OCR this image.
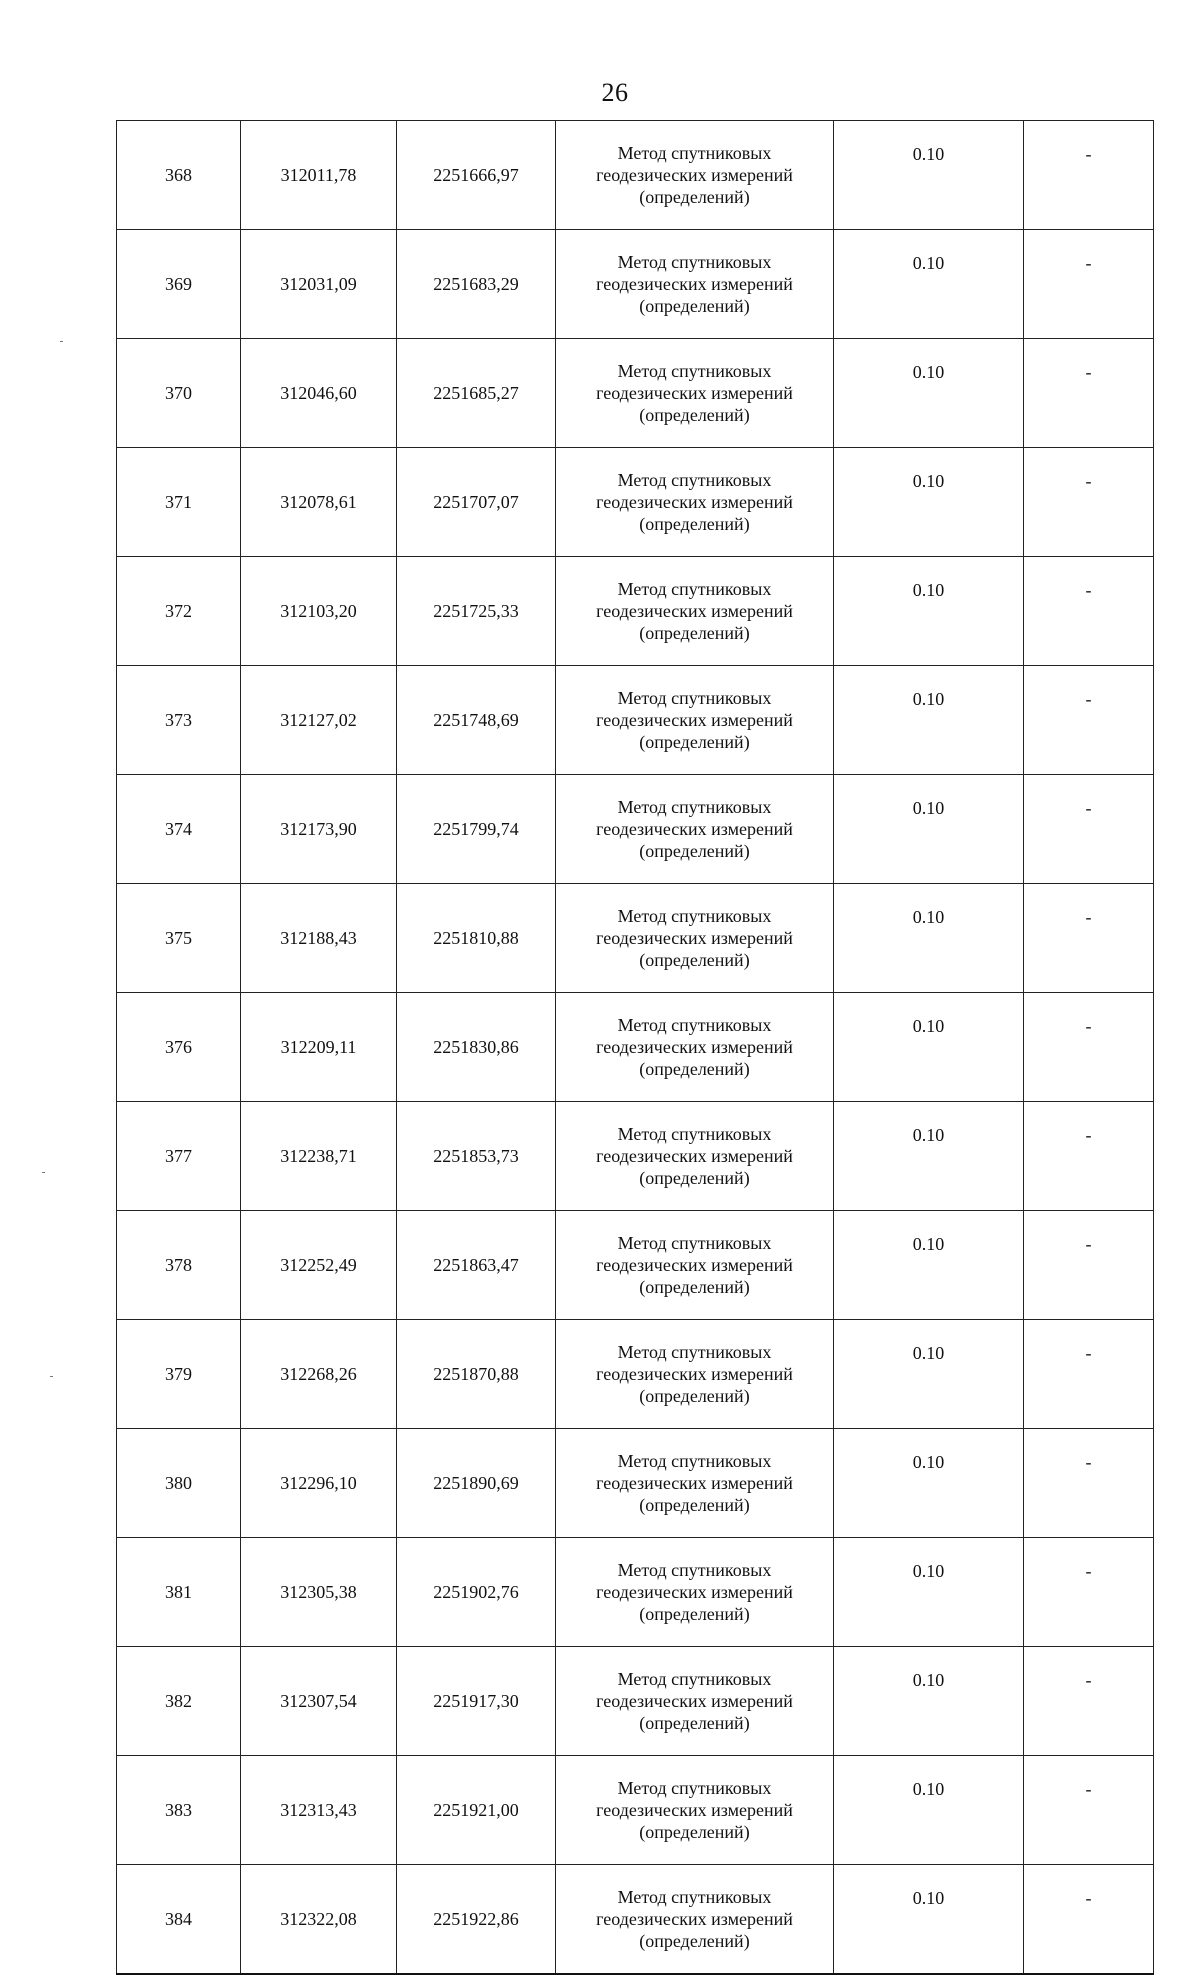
26
368	312011,78	2251666,97	Метод спутниковых
геодезических измерений
(определений)	0.10	-
369	312031,09	2251683,29	Метод спутниковых
геодезических измерений
(определений)	0.10	-
370	312046,60	2251685,27	Метод спутниковых
геодезических измерений
(определений)	0.10	-
371	312078,61	2251707,07	Метод спутниковых
геодезических измерений
(определений)	0.10	-
372	312103,20	2251725,33	Метод спутниковых
геодезических измерений
(определений)	0.10	-
373	312127,02	2251748,69	Метод спутниковых
геодезических измерений
(определений)	0.10	-
374	312173,90	2251799,74	Метод спутниковых
геодезических измерений
(определений)	0.10	-
375	312188,43	2251810,88	Метод спутниковых
геодезических измерений
(определений)	0.10	-
376	312209,11	2251830,86	Метод спутниковых
геодезических измерений
(определений)	0.10	-
377	312238,71	2251853,73	Метод спутниковых
геодезических измерений
(определений)	0.10	-
378	312252,49	2251863,47	Метод спутниковых
геодезических измерений
(определений)	0.10	-
379	312268,26	2251870,88	Метод спутниковых
геодезических измерений
(определений)	0.10	-
380	312296,10	2251890,69	Метод спутниковых
геодезических измерений
(определений)	0.10	-
381	312305,38	2251902,76	Метод спутниковых
геодезических измерений
(определений)	0.10	-
382	312307,54	2251917,30	Метод спутниковых
геодезических измерений
(определений)	0.10	-
383	312313,43	2251921,00	Метод спутниковых
геодезических измерений
(определений)	0.10	-
384	312322,08	2251922,86	Метод спутниковых
геодезических измерений
(определений)	0.10	-
